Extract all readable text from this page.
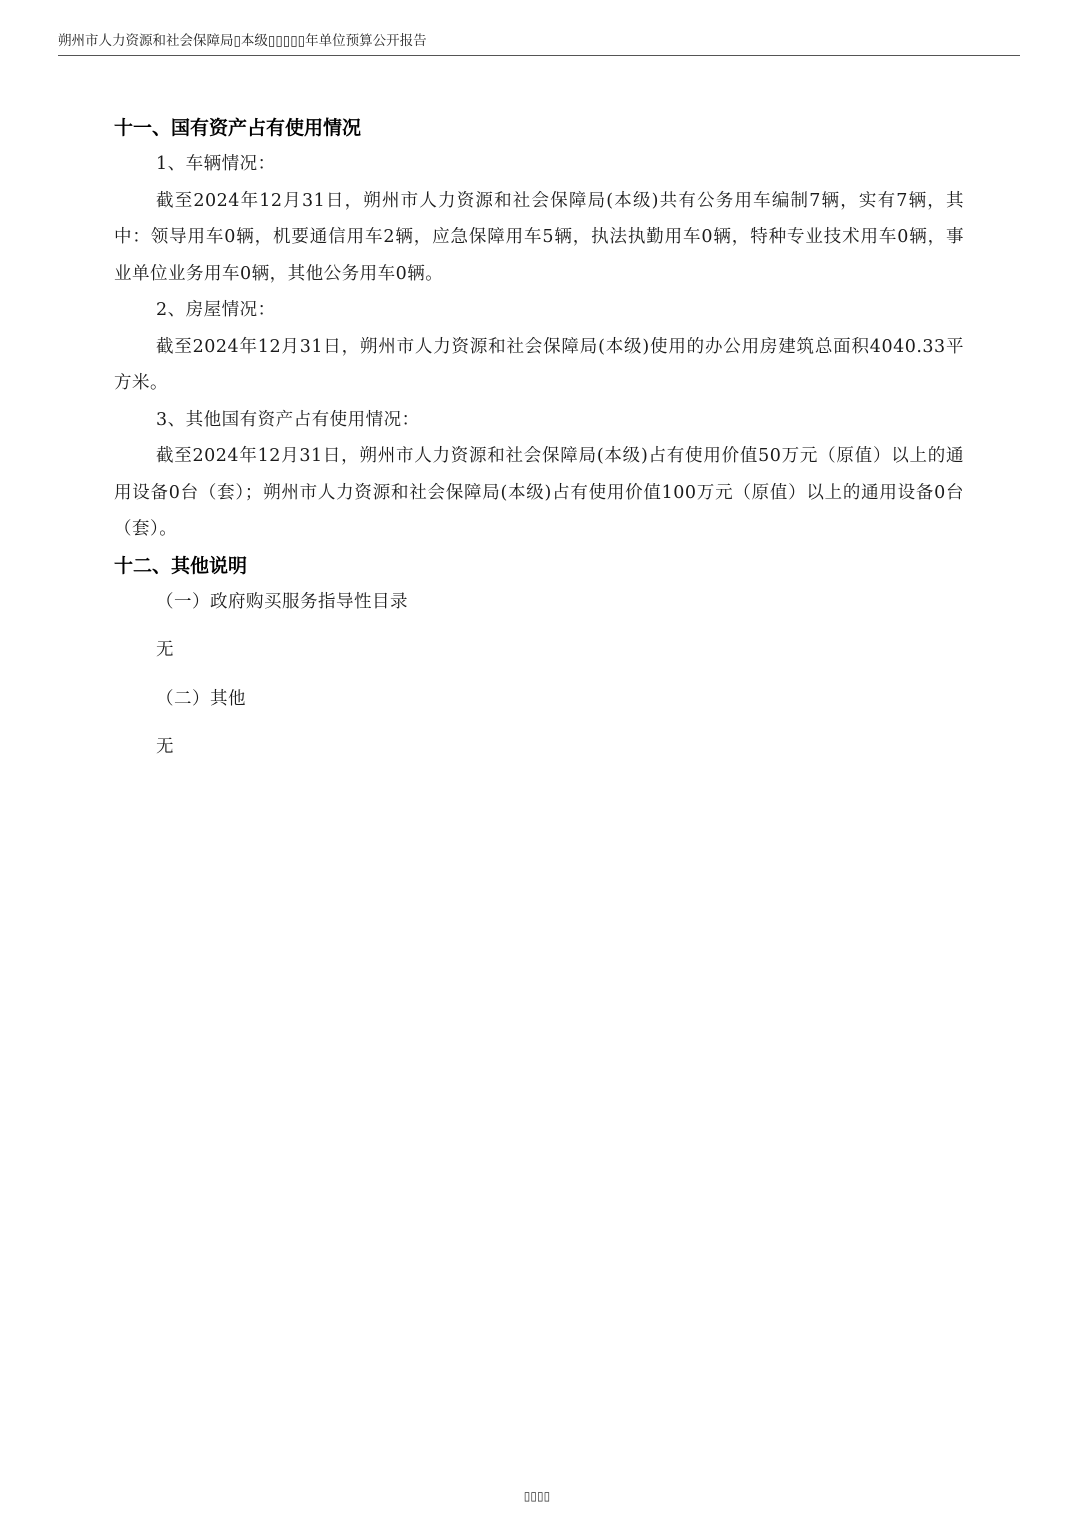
朔州市人力资源和社会保障局▯本级▯▯▯▯▯年单位预算公开报告
十一、国有资产占有使用情况
1、车辆情况：

截至2024年12月31日，朔州市人力资源和社会保障局(本级)共有公务用车编制7辆，实有7辆，其中：领导用车0辆，机要通信用车2辆，应急保障用车5辆，执法执勤用车0辆，特种专业技术用车0辆，事业单位业务用车0辆，其他公务用车0辆。

2、房屋情况：

截至2024年12月31日，朔州市人力资源和社会保障局(本级)使用的办公用房建筑总面积4040.33平方米。

3、其他国有资产占有使用情况：

截至2024年12月31日，朔州市人力资源和社会保障局(本级)占有使用价值50万元（原值）以上的通用设备0台（套）；朔州市人力资源和社会保障局(本级)占有使用价值100万元（原值）以上的通用设备0台（套）。

十二、其他说明
（一）政府购买服务指导性目录
无
（二）其他
无
▯▯▯▯
